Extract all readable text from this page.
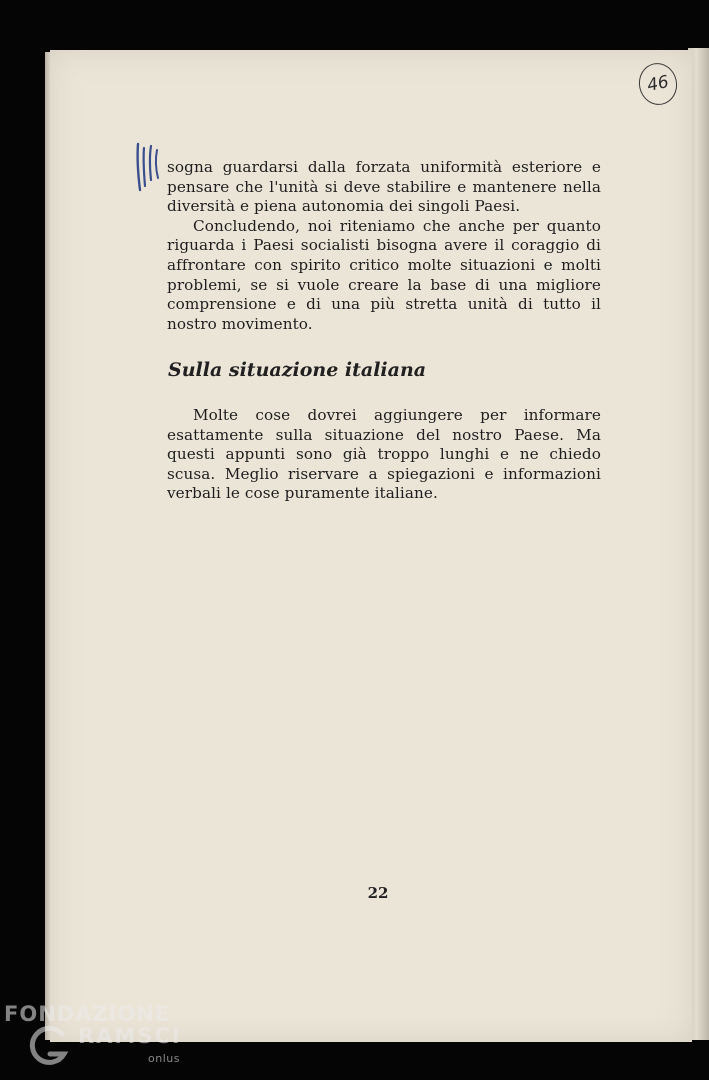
46

sogna guardarsi dalla forzata uniformità esteriore e pensare che l'unità si deve stabilire e mantenere nella diversità e piena autonomia dei singoli Paesi.

Concludendo, noi riteniamo che anche per quanto riguarda i Paesi socialisti bisogna avere il coraggio di affrontare con spirito critico molte situazioni e molti problemi, se si vuole creare la base di una migliore comprensione e di una più stretta unità di tutto il nostro movimento.

Sulla situazione italiana

Molte cose dovrei aggiungere per informare esattamente sulla situazione del nostro Paese. Ma questi appunti sono già troppo lunghi e ne chiedo scusa. Meglio riservare a spiegazioni e informazioni verbali le cose puramente italiane.

22
FONDAZIONE
RAMSCI
onlus
